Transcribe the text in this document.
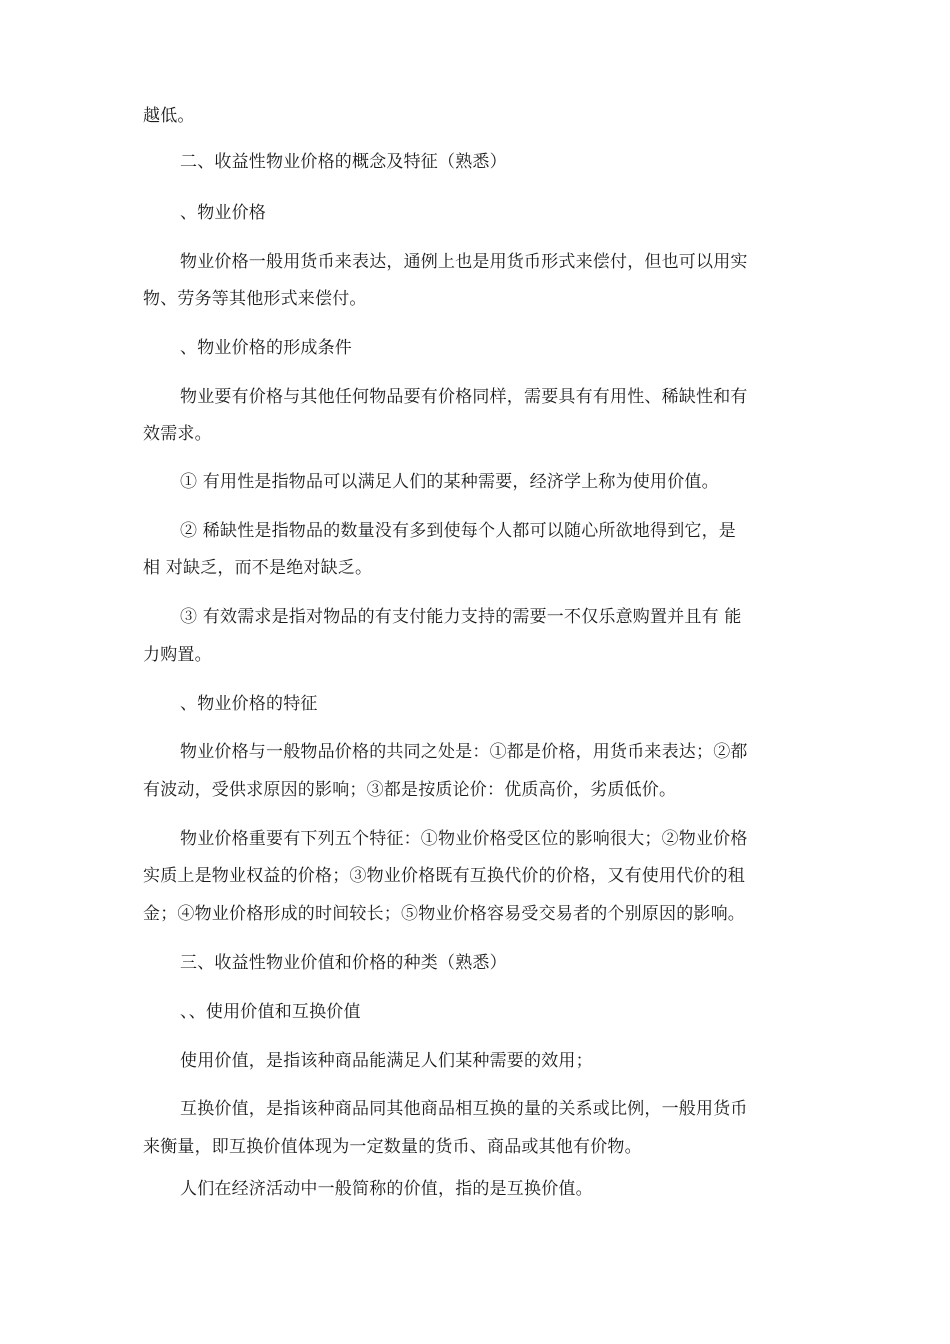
越低。
二、收益性物业价格的概念及特征（熟悉）
、物业价格
物业价格一般用货币来表达，通例上也是用货币形式来偿付，但也可以用实
物、劳务等其他形式来偿付。
、物业价格的形成条件
物业要有价格与其他任何物品要有价格同样，需要具有有用性、稀缺性和有
效需求。
① 有用性是指物品可以满足人们的某种需要，经济学上称为使用价值。
② 稀缺性是指物品的数量没有多到使每个人都可以随心所欲地得到它，是
相 对缺乏，而不是绝对缺乏。
③ 有效需求是指对物品的有支付能力支持的需要一不仅乐意购置并且有 能
力购置。
、物业价格的特征
物业价格与一般物品价格的共同之处是：①都是价格，用货币来表达；②都
有波动，受供求原因的影响；③都是按质论价：优质高价，劣质低价。
物业价格重要有下列五个特征：①物业价格受区位的影响很大；②物业价格
实质上是物业权益的价格；③物业价格既有互换代价的价格，又有使用代价的租
金；④物业价格形成的时间较长；⑤物业价格容易受交易者的个别原因的影响。
三、收益性物业价值和价格的种类（熟悉）
、、使用价值和互换价值
使用价值，是指该种商品能满足人们某种需要的效用；
互换价值，是指该种商品同其他商品相互换的量的关系或比例，一般用货币
来衡量，即互换价值体现为一定数量的货币、商品或其他有价物。
人们在经济活动中一般简称的价值，指的是互换价值。
